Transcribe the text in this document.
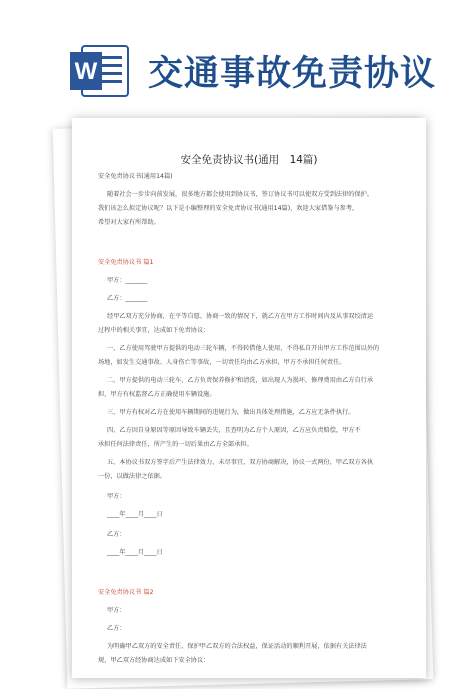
W 交通事故免责协议
安全免责协议书(通用　14篇)
安全免责协议书(通用14篇)
随着社会一步步向前发展，很多地方都会使用到协议书，签订协议书可以使双方受到法律的保护。
我们该怎么拟定协议呢？以下是小编整理的安全免责协议书(通用14篇)，欢迎大家借鉴与参考，
希望对大家有所帮助。
安全免责协议书 篇1
甲方：_______
乙方：_______
经甲乙双方充分协商，在平等自愿、协商一致的情况下，就乙方在甲方工作时间内及从事双绞清运
过程中的相关事宜，达成如下免责协议：
一、乙方使用驾驶甲方提供的电动三轮车辆，不得转借他人使用，不得私自开出甲方工作范围以外的
场地，如发生交通事故、人身伤亡等事故，一切责任均由乙方承担，甲方不承担任何责任。
二、甲方提供的电动三轮车，乙方负责保养修护和清洗，如出现人为损坏，修理费用由乙方自行承
担，甲方有权监督乙方正确使用车辆设施。
三、甲方有权对乙方在使用车辆期间的违规行为，做出具体处理措施，乙方应无条件执行。
四、乙方因自身原因等原因导致车辆丢失，且查明为乙方个人原因，乙方应负责赔偿，甲方不
承担任何法律责任，所产生的一切后果由乙方全部承担。
五、本协议书双方签字后产生法律效力，未尽事宜，双方协商解决，协议一式两份，甲乙双方各执
一份，以做法律之依据。
甲方：
____年____月____日
乙方：
____年____月____日
安全免责协议书 篇2
甲方：
乙方：
为明确甲乙双方的安全责任，保护甲乙双方的合法权益，保证活动的顺利开展，依据有关法律法
规，甲乙双方经协商达成如下安全协议：
